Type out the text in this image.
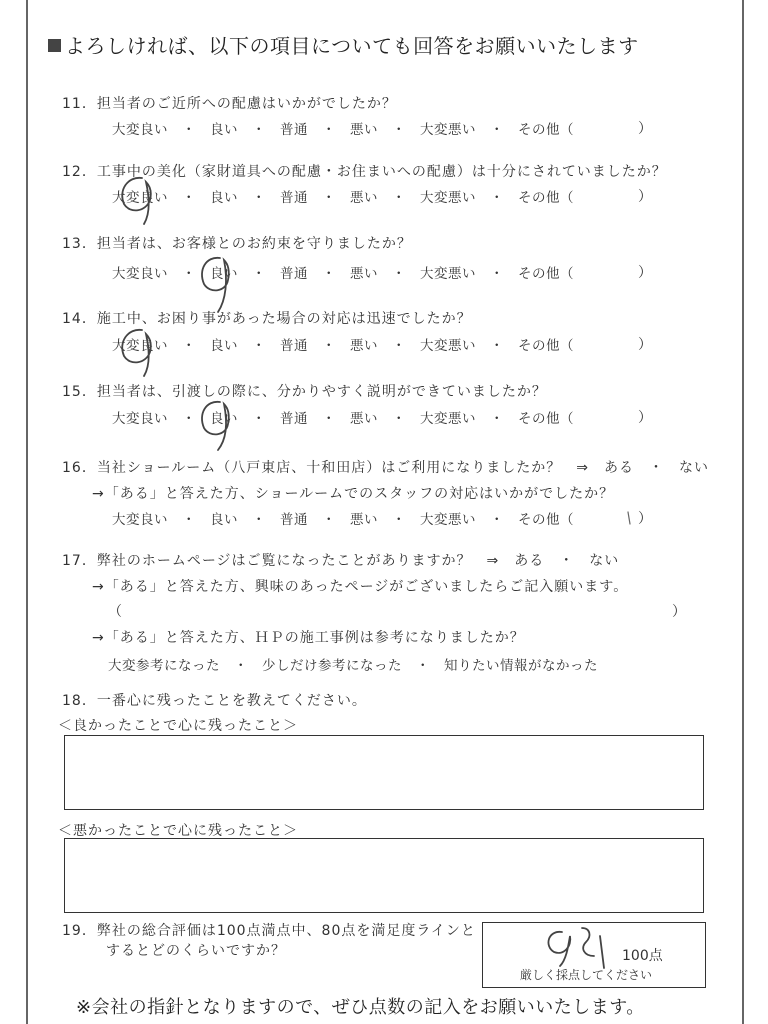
よろしければ、以下の項目についても回答をお願いいたします
11．担当者のご近所への配慮はいかがでしたか？
大変良い　・　良い　・　普通　・　悪い　・　大変悪い　・　その他（	）
12．工事中の美化（家財道具への配慮・お住まいへの配慮）は十分にされていましたか？
大変良い　・　良い　・　普通　・　悪い　・　大変悪い　・　その他（	）
13．担当者は、お客様とのお約束を守りましたか？
大変良い　・　良い　・　普通　・　悪い　・　大変悪い　・　その他（	）
14．施工中、お困り事があった場合の対応は迅速でしたか？
大変良い　・　良い　・　普通　・　悪い　・　大変悪い　・　その他（	）
15．担当者は、引渡しの際に、分かりやすく説明ができていましたか？
大変良い　・　良い　・　普通　・　悪い　・　大変悪い　・　その他（	）
16．当社ショールーム（八戸東店、十和田店）はご利用になりましたか？　⇒　ある　・　ない
→「ある」と答えた方、ショールームでのスタッフの対応はいかがでしたか？
大変良い　・　良い　・　普通　・　悪い　・　大変悪い　・　その他（	）
17．弊社のホームページはご覧になったことがありますか？　⇒　ある　・　ない
→「ある」と答えた方、興味のあったページがございましたらご記入願います。
（	）
→「ある」と答えた方、ＨＰの施工事例は参考になりましたか？
大変参考になった　・　少しだけ参考になった　・　知りたい情報がなかった
18．一番心に残ったことを教えてください。
＜良かったことで心に残ったこと＞
＜悪かったことで心に残ったこと＞
19．弊社の総合評価は100点満点中、80点を満足度ラインと
するとどのくらいですか？	100点
厳しく採点してください
※会社の指針となりますので、ぜひ点数の記入をお願いいたします。
